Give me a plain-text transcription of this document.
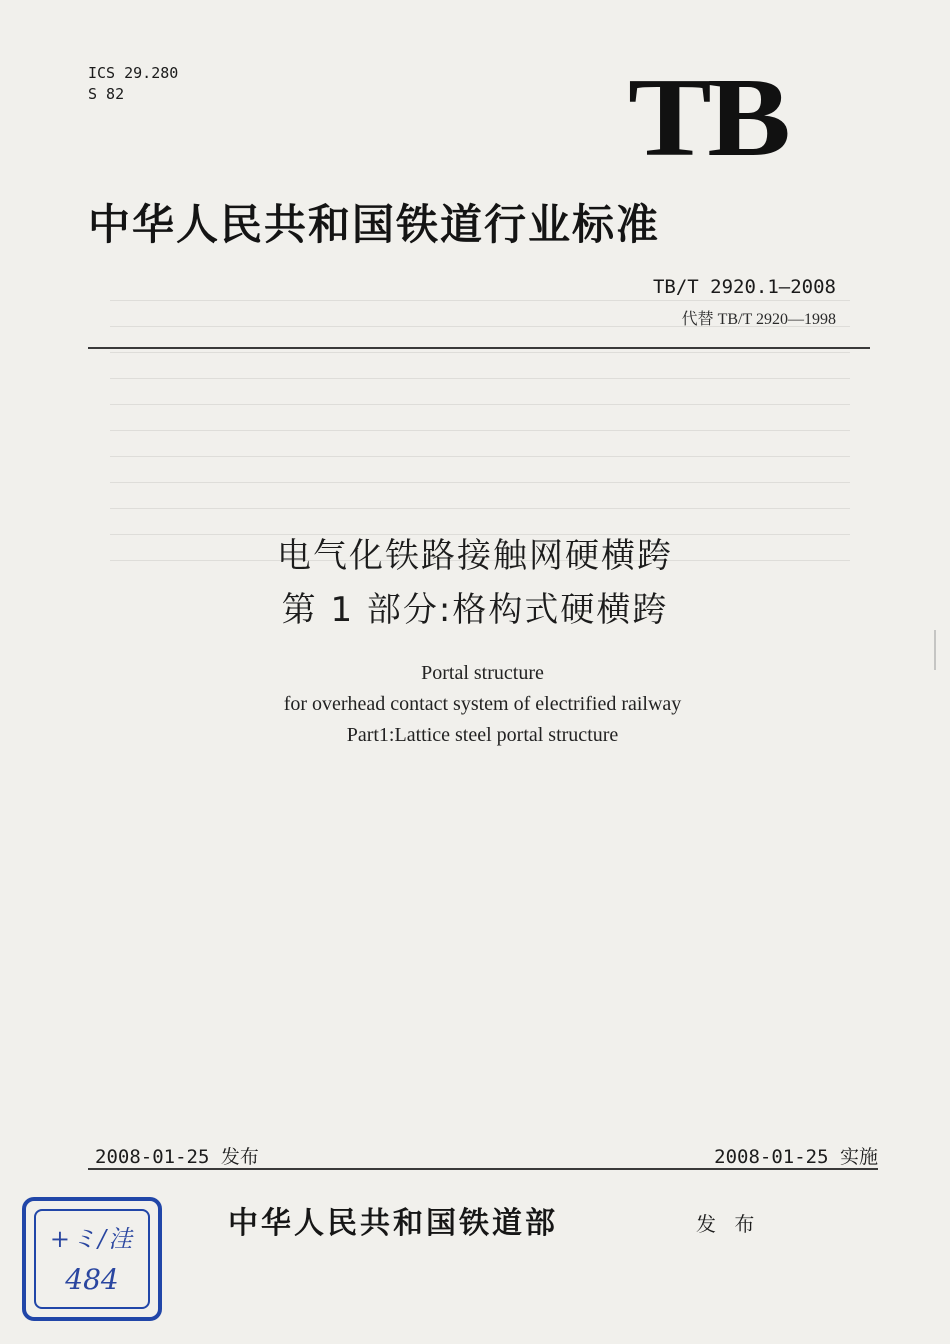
ICS 29.280
S 82	TB
中华人民共和国铁道行业标准
TB/T 2920.1—2008
代替 TB/T 2920—1998
电气化铁路接触网硬横跨
第 1 部分:格构式硬横跨
Portal structure
for overhead contact system of electrified railway
Part1:Lattice steel portal structure
2008-01-25 发布	2008-01-25 实施
中华人民共和国铁道部	发 布
+ミ/洼
484
